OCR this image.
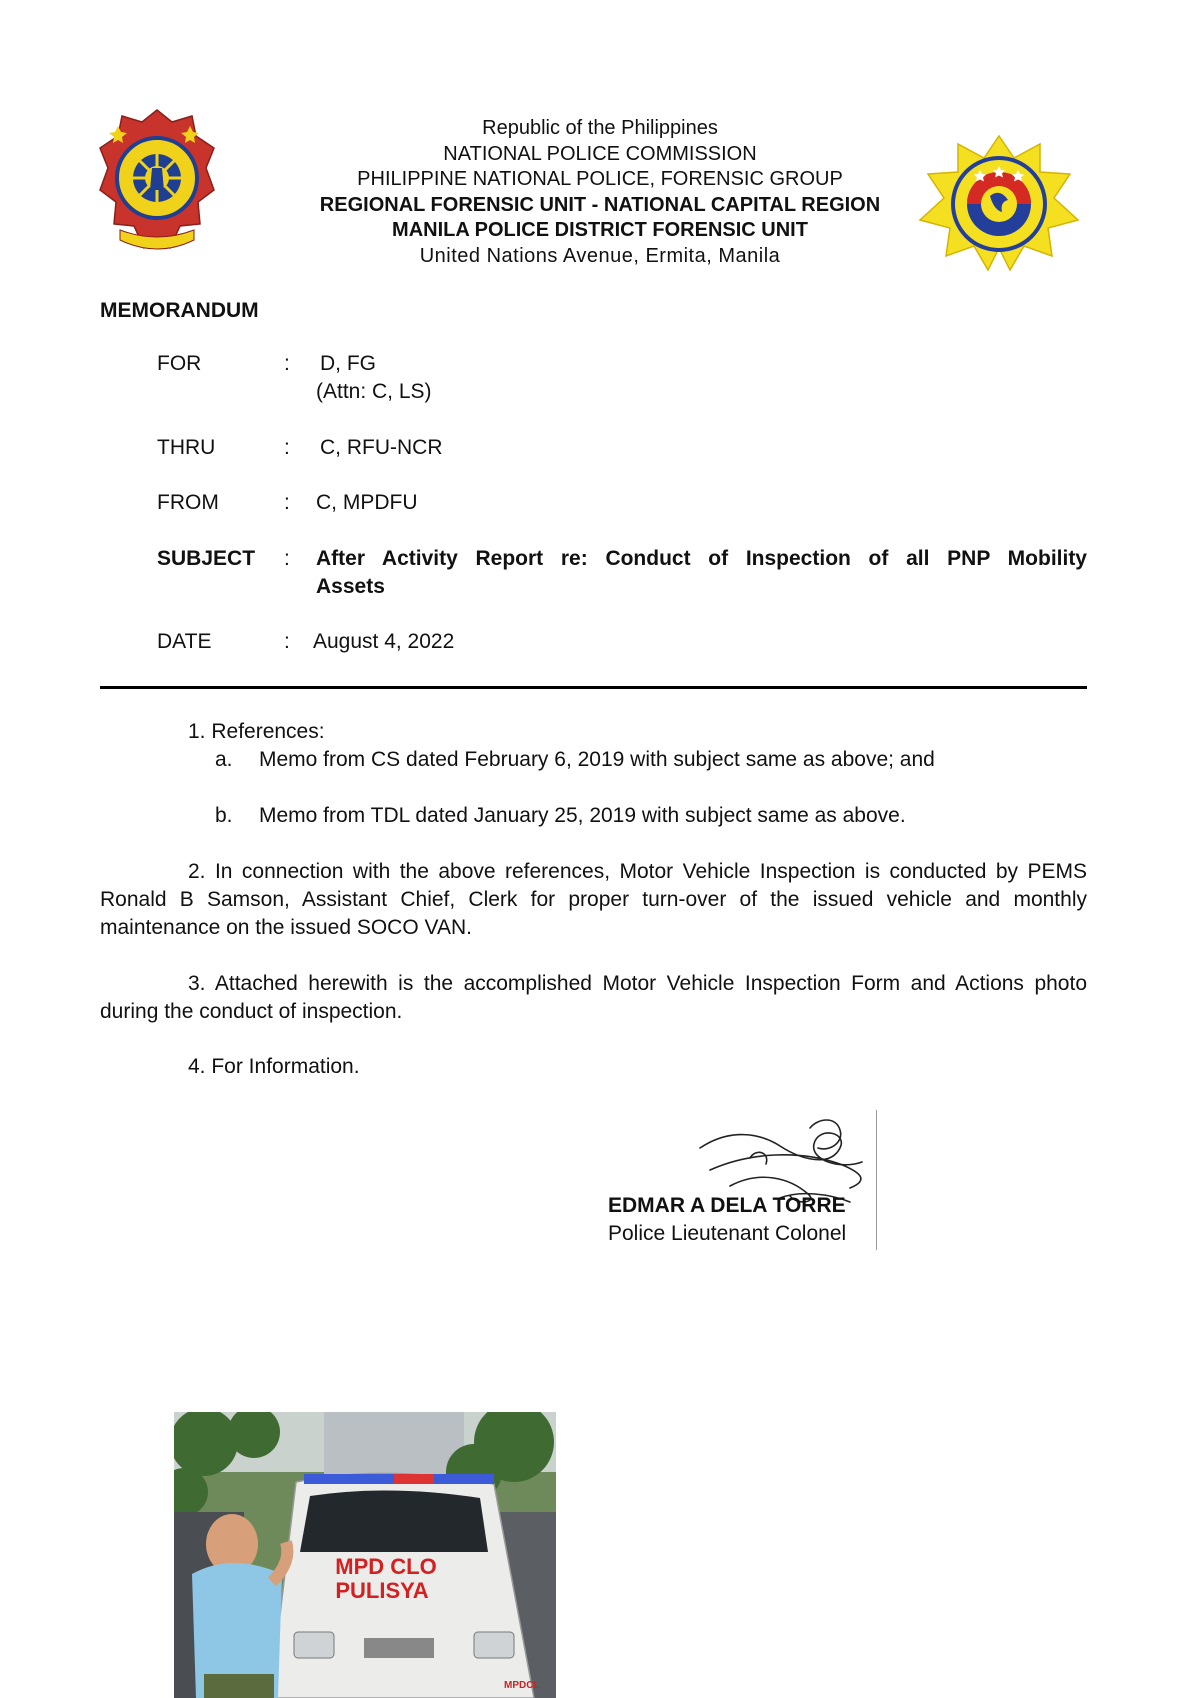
Republic of the Philippines
NATIONAL POLICE COMMISSION
PHILIPPINE NATIONAL POLICE, FORENSIC GROUP
REGIONAL FORENSIC UNIT - NATIONAL CAPITAL REGION
MANILA POLICE DISTRICT FORENSIC UNIT
United Nations Avenue, Ermita, Manila
MEMORANDUM
FOR	: D, FG
(Attn: C, LS)
THRU	: C, RFU-NCR
FROM	: C, MPDFU
SUBJECT : After Activity Report re: Conduct of Inspection of all PNP Mobility
Assets
DATE	: August 4, 2022
1. References:
a. Memo from CS dated February 6, 2019 with subject same as above; and
b. Memo from TDL dated January 25, 2019 with subject same as above.
2. In connection with the above references, Motor Vehicle Inspection is conducted by PEMS Ronald B Samson, Assistant Chief, Clerk for proper turn-over of the issued vehicle and monthly maintenance on the issued SOCO VAN.
3. Attached herewith is the accomplished Motor Vehicle Inspection Form and Actions photo during the conduct of inspection.
4. For Information.
EDMAR A DELA TORRE
Police Lieutenant Colonel
MPD CLO
PULISYA
MPDCL
